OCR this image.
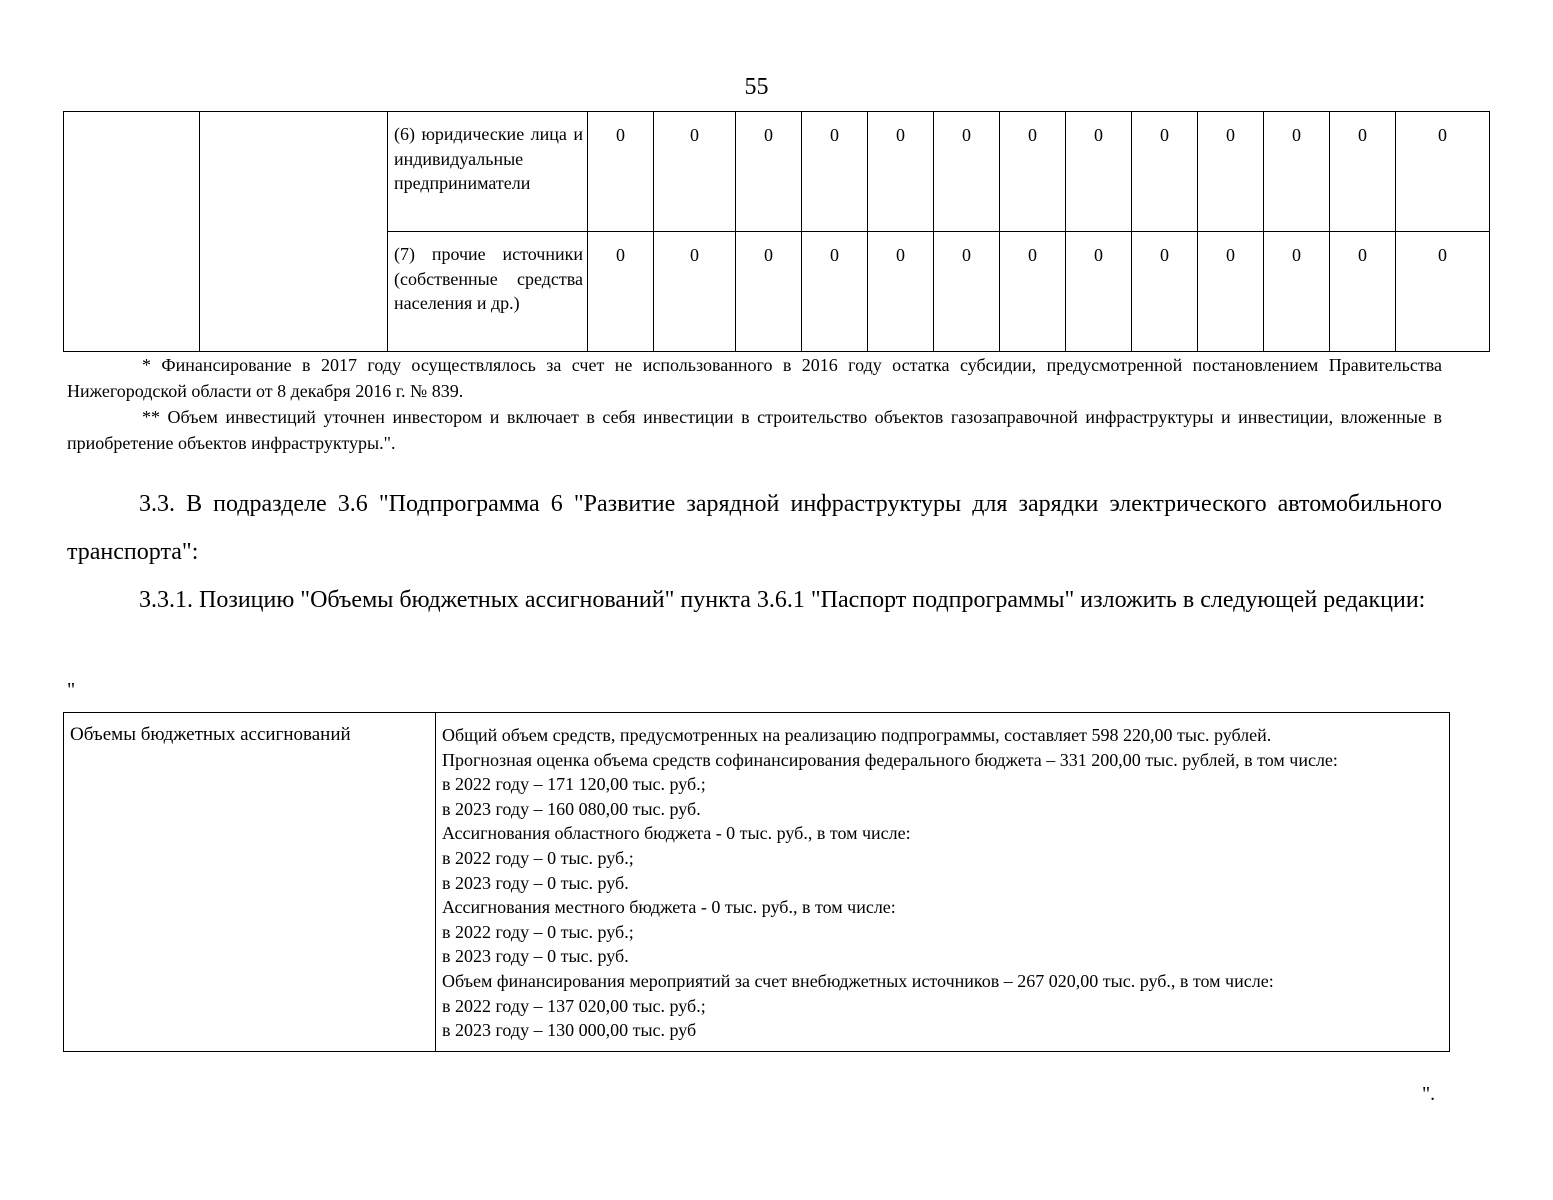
55
		(6) юридические лица и индивидуальные предприниматели	0	0	0	0	0	0	0	0	0	0	0	0	0
		(7) прочие источники (собственные средства населения и др.)	0	0	0	0	0	0	0	0	0	0	0	0	0

* Финансирование в 2017 году осуществлялось за счет не использованного в 2016 году остатка субсидии, предусмотренной постановлением Правительства Нижегородской области от 8 декабря 2016 г. № 839.

** Объем инвестиций уточнен инвестором и включает в себя инвестиции в строительство объектов газозаправочной инфраструктуры и инвестиции, вложенные в приобретение объектов инфраструктуры.".

3.3. В подразделе 3.6 "Подпрограмма 6 "Развитие зарядной инфраструктуры для зарядки электрического автомобильного транспорта":

3.3.1. Позицию "Объемы бюджетных ассигнований" пункта 3.6.1 "Паспорт подпрограммы" изложить в следующей редакции:

"
Объемы бюджетных ассигнований	Общий объем средств, предусмотренных на реализацию подпрограммы, составляет 598 220,00 тыс. рублей.
Прогнозная оценка объема средств софинансирования федерального бюджета – 331 200,00 тыс. рублей, в том числе:
в 2022 году – 171 120,00 тыс. руб.;
в 2023 году – 160 080,00 тыс. руб.
Ассигнования областного бюджета - 0 тыс. руб., в том числе:
в 2022 году – 0 тыс. руб.;
в 2023 году – 0 тыс. руб.
Ассигнования местного бюджета - 0 тыс. руб., в том числе:
в 2022 году – 0 тыс. руб.;
в 2023 году – 0 тыс. руб.
Объем финансирования мероприятий за счет внебюджетных источников – 267 020,00 тыс. руб., в том числе:
в 2022 году – 137 020,00 тыс. руб.;
в 2023 году – 130 000,00 тыс. руб
".
